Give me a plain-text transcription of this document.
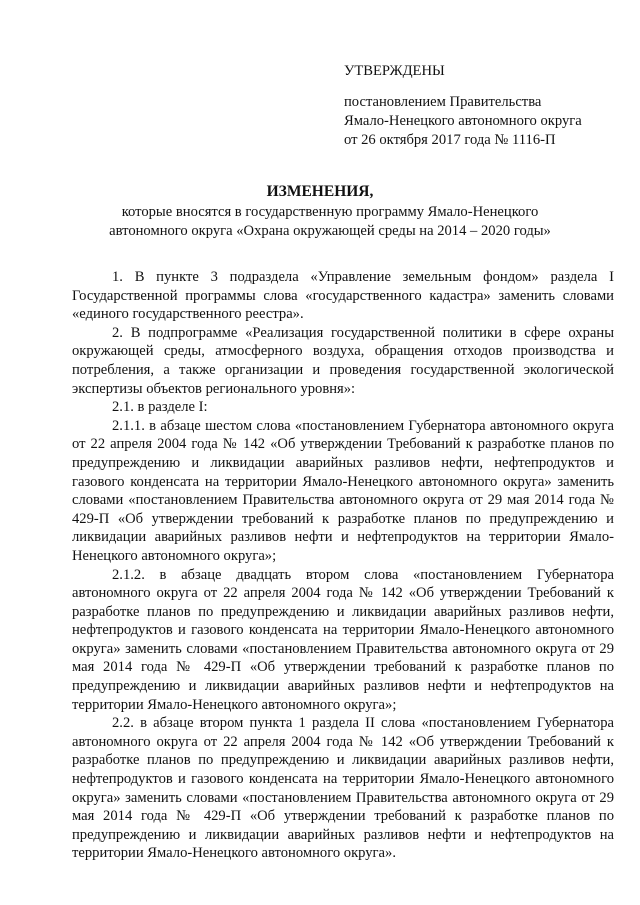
УТВЕРЖДЕНЫ
постановлением Правительства
Ямало-Ненецкого автономного округа
от 26 октября 2017 года № 1116-П
ИЗМЕНЕНИЯ,
которые вносятся в государственную программу Ямало-Ненецкого автономного округа «Охрана окружающей среды на 2014 – 2020 годы»

1. В пункте 3 подраздела «Управление земельным фондом» раздела I Государственной программы слова «государственного кадастра» заменить словами «единого государственного реестра».

2. В подпрограмме «Реализация государственной политики в сфере охраны окружающей среды, атмосферного воздуха, обращения отходов производства и потребления, а также организации и проведения государственной экологической экспертизы объектов регионального уровня»:

2.1. в разделе I:

2.1.1. в абзаце шестом слова «постановлением Губернатора автономного округа от 22 апреля 2004 года № 142 «Об утверждении Требований к разработке планов по предупреждению и ликвидации аварийных разливов нефти, нефтепродуктов и газового конденсата на территории Ямало-Ненецкого автономного округа» заменить словами «постановлением Правительства автономного округа от 29 мая 2014 года № 429-П «Об утверждении требований к разработке планов по предупреждению и ликвидации аварийных разливов нефти и нефтепродуктов на территории Ямало-Ненецкого автономного округа»;

2.1.2. в абзаце двадцать втором слова «постановлением Губернатора автономного округа от 22 апреля 2004 года № 142 «Об утверждении Требований к разработке планов по предупреждению и ликвидации аварийных разливов нефти, нефтепродуктов и газового конденсата на территории Ямало-Ненецкого автономного округа» заменить словами «постановлением Правительства автономного округа от 29 мая 2014 года № 429-П «Об утверждении требований к разработке планов по предупреждению и ликвидации аварийных разливов нефти и нефтепродуктов на территории Ямало-Ненецкого автономного округа»;

2.2. в абзаце втором пункта 1 раздела II слова «постановлением Губернатора автономного округа от 22 апреля 2004 года № 142 «Об утверждении Требований к разработке планов по предупреждению и ликвидации аварийных разливов нефти, нефтепродуктов и газового конденсата на территории Ямало-Ненецкого автономного округа» заменить словами «постановлением Правительства автономного округа от 29 мая 2014 года № 429-П «Об утверждении требований к разработке планов по предупреждению и ликвидации аварийных разливов нефти и нефтепродуктов на территории Ямало-Ненецкого автономного округа».
